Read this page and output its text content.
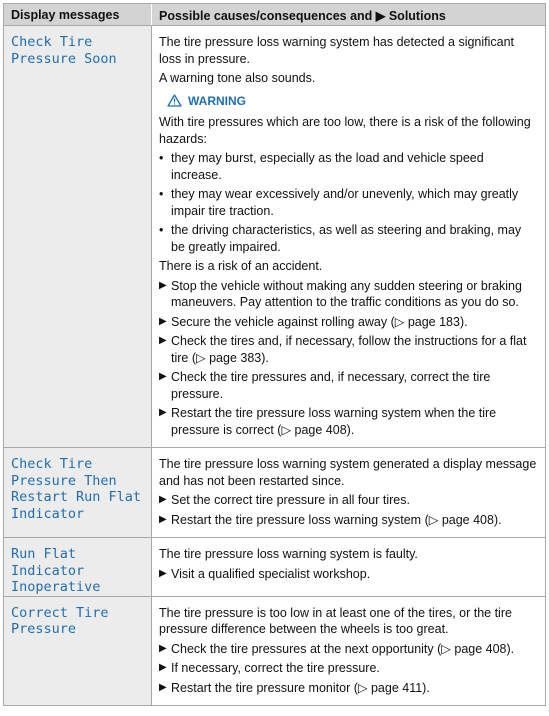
Display messages	Possible causes/consequences and ▶ Solutions
Check Tire
Pressure Soon
The tire pressure loss warning system has detected a significant loss in pressure.
A warning tone also sounds.
WARNING
With tire pressures which are too low, there is a risk of the following hazards:
• they may burst, especially as the load and vehicle speed increase.
• they may wear excessively and/or unevenly, which may greatly impair tire traction.
• the driving characteristics, as well as steering and braking, may be greatly impaired.
There is a risk of an accident.
▶ Stop the vehicle without making any sudden steering or braking maneuvers. Pay attention to the traffic conditions as you do so.
▶ Secure the vehicle against rolling away (▷ page 183).
▶ Check the tires and, if necessary, follow the instructions for a flat tire (▷ page 383).
▶ Check the tire pressures and, if necessary, correct the tire pressure.
▶ Restart the tire pressure loss warning system when the tire pressure is correct (▷ page 408).
Check Tire
Pressure Then
Restart Run Flat
Indicator
The tire pressure loss warning system generated a display message and has not been restarted since.
▶ Set the correct tire pressure in all four tires.
▶ Restart the tire pressure loss warning system (▷ page 408).
Run Flat Indicator
Inoperative
The tire pressure loss warning system is faulty.
▶ Visit a qualified specialist workshop.
Correct Tire
Pressure
The tire pressure is too low in at least one of the tires, or the tire pressure difference between the wheels is too great.
▶ Check the tire pressures at the next opportunity (▷ page 408).
▶ If necessary, correct the tire pressure.
▶ Restart the tire pressure monitor (▷ page 411).
